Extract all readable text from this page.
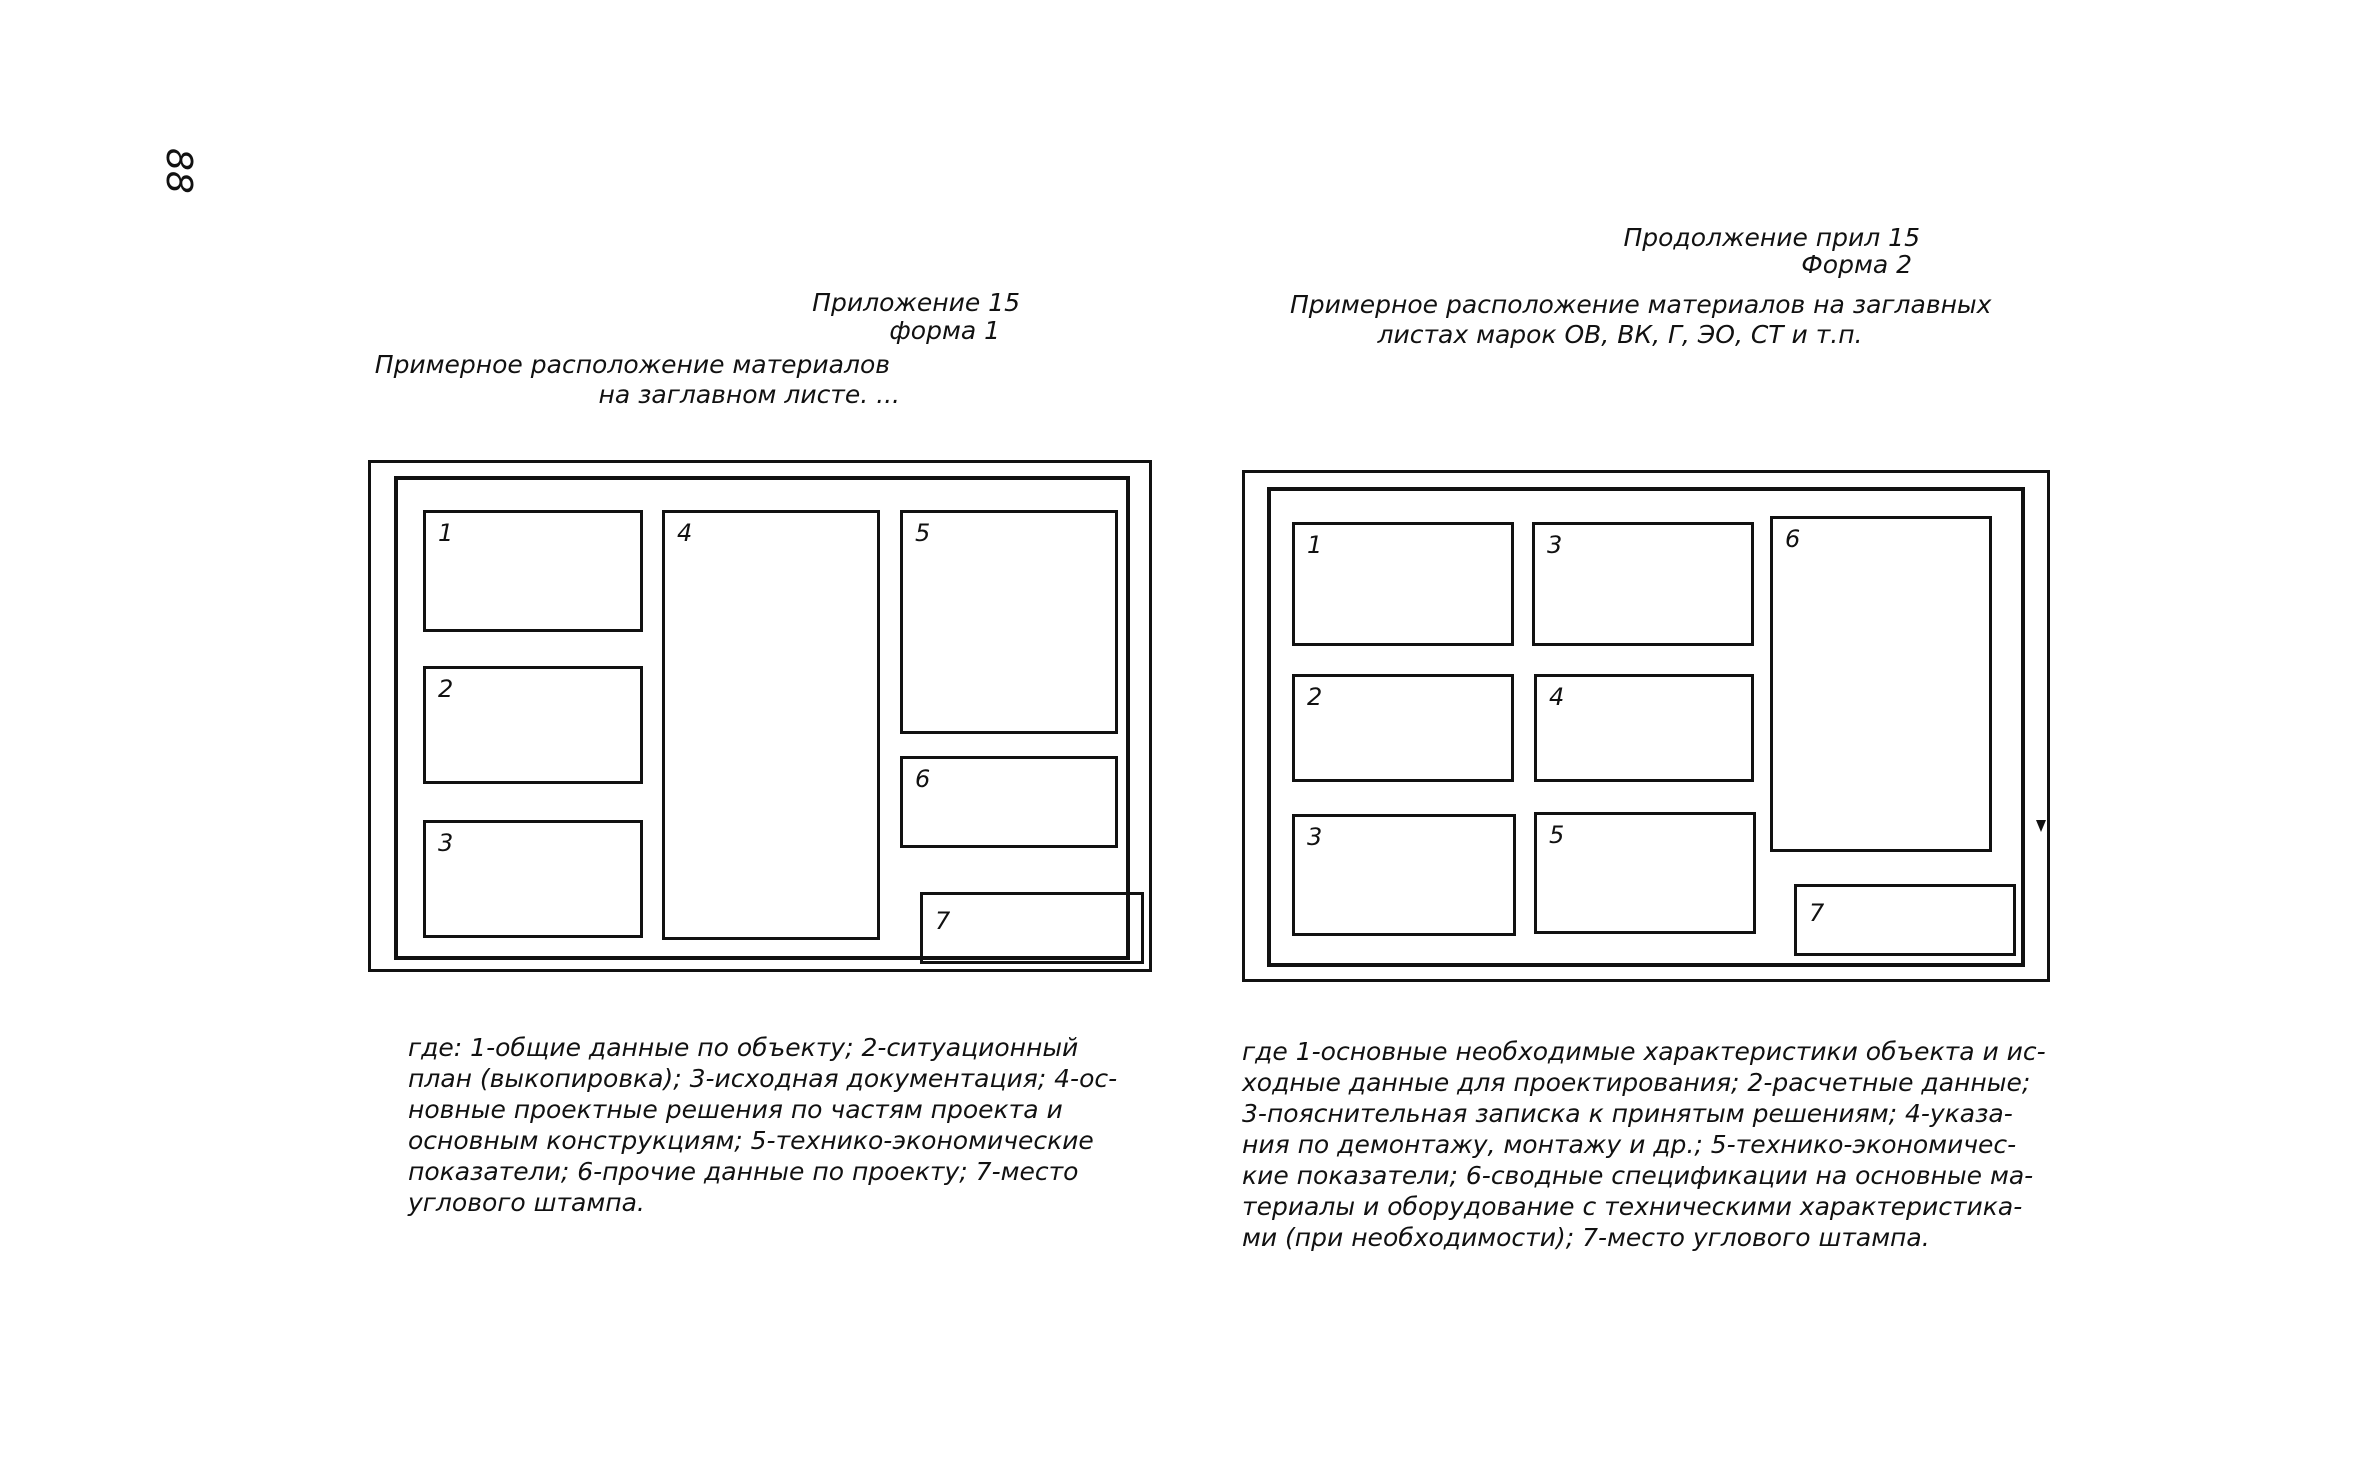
88
Приложение 15
форма 1
Примерное расположение материалов
на заглавном листе. ...
1
2
3
4	5
6
7
где: 1-общие данные по объекту; 2-ситуационный
план (выкопировка); 3-исходная документация; 4-ос-
новные проектные решения по частям проекта и
основным конструкциям; 5-технико-экономические
показатели; 6-прочие данные по проекту; 7-место
углового штампа.
Продолжение прил 15
Форма 2
Примерное расположение материалов на заглавных
листах марок ОВ, ВК, Г, ЭО, СТ и т.п.
1
2
3
3
4
5
6
7
где 1-основные необходимые характеристики объекта и ис-
ходные данные для проектирования; 2-расчетные данные;
3-пояснительная записка к принятым решениям; 4-указа-
ния по демонтажу, монтажу и др.; 5-технико-экономичес-
кие показатели; 6-сводные спецификации на основные ма-
териалы и оборудование с техническими характеристика-
ми (при необходимости); 7-место углового штампа.
